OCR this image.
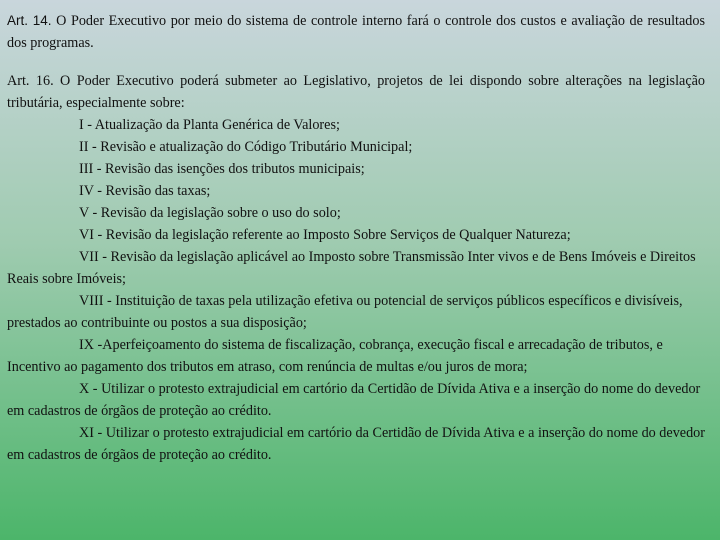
Art. 14. O Poder Executivo por meio do sistema de controle interno fará o controle dos custos e avaliação de resultados dos programas.

Art. 16. O Poder Executivo poderá submeter ao Legislativo, projetos de lei dispondo sobre alterações na legislação tributária, especialmente sobre:

I - Atualização da Planta Genérica de Valores;

II - Revisão e atualização do Código Tributário Municipal;

III - Revisão das isenções dos tributos municipais;

IV - Revisão das taxas;

V - Revisão da legislação sobre o uso do solo;

VI - Revisão da legislação referente ao Imposto Sobre Serviços de Qualquer Natureza;

VII - Revisão da legislação aplicável ao Imposto sobre Transmissão Inter vivos e de Bens Imóveis e Direitos Reais sobre Imóveis;

VIII - Instituição de taxas pela utilização efetiva ou potencial de serviços públicos específicos e divisíveis, prestados ao contribuinte ou postos a sua disposição;

IX -Aperfeiçoamento do sistema de fiscalização, cobrança, execução fiscal e arrecadação de tributos, e

Incentivo ao pagamento dos tributos em atraso, com renúncia de multas e/ou juros de mora;

X - Utilizar o protesto extrajudicial em cartório da Certidão de Dívida Ativa e a inserção do nome do devedor em cadastros de órgãos de proteção ao crédito.

XI - Utilizar o protesto extrajudicial em cartório da Certidão de Dívida Ativa e a inserção do nome do devedor em cadastros de órgãos de proteção ao crédito.
